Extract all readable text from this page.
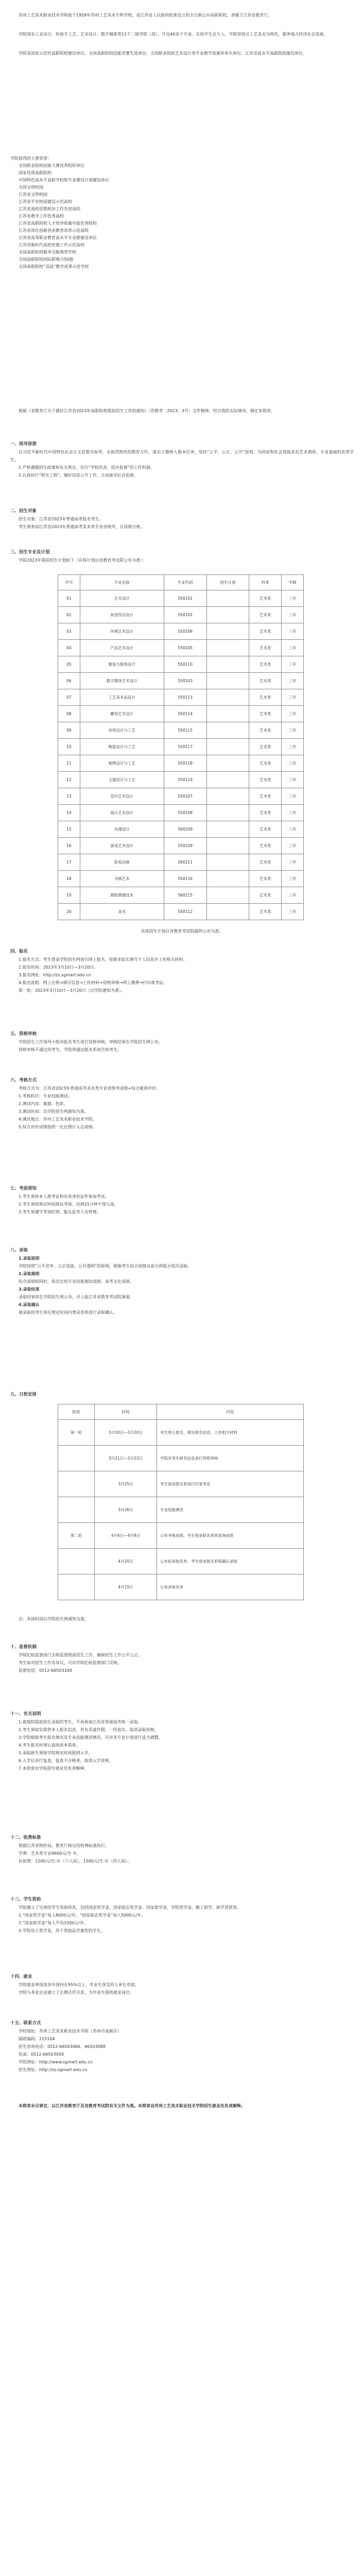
苏州工艺美术职业技术学院始于1958年苏州工艺美术专科学校，是江苏省人民政府批准设立的全日制公办高职院校，隶属于江苏省教育厅。

学院现有工业设计、传统手工艺、艺术设计、数字媒体等11个二级学院（部），开设40余个专业，在校学生近万人。学院坚持以工艺美术为特色，服务地方经济社会发展。

学院是国家示范性高职院校建设单位、全国高职院校技能竞赛先进单位、全国职业院校艺术设计类专业教学资源库牵头单位、江苏省高水平高职院校建设单位。

学院获得的主要荣誉：

全国职业院校技能大赛优秀组织单位

国家优质高职院校

中国特色高水平高职学校和专业建设计划建设单位

全国文明校园

江苏省文明校园

江苏省平安校园建设示范高校

江苏省高校思想政治工作先进高校

江苏省教学工作优秀高校

江苏省高职院校人才培养质量年报优秀院校

江苏省深化创新创业教育改革示范高校

江苏省高等职业教育高水平专业群建设单位

江苏省新时代高校党建工作示范高校

全国高职院校服务贡献典型学校

全国高职院校国际影响力50强

全国高职院校“双高”教学成果示范学校

根据《省教育厅关于做好江苏省2023年高职院校提前招生工作的通知》（苏教考〔2023〕3号）文件精神，结合我院实际情况，制定本简章。

一、指导思想

以习近平新时代中国特色社会主义思想为指导，全面贯彻党的教育方针，落实立德树人根本任务，坚持“公平、公正、公开”原则，为国家和社会选拔具有艺术潜质、专业基础的优秀学生。

1.严格遵循招生政策和有关规定，实行“学校负责、招办监督”的工作机制。

2.认真执行“阳光工程”，做好信息公开工作，主动接受社会监督。

二、招生对象

招生对象：江苏省2023年普通高考报名考生。

考生须参加江苏省2023年普通高考美术类专业省统考，且成绩合格。

三、招生专业及计划

学院2023年提前招生计划如下（具体计划以省教育考试院公布为准）：

序号	专业名称	专业代码	招生计划	科类	学制
01	艺术设计	550101		艺术类	三年
02	视觉传达设计	550102		艺术类	三年
03	环境艺术设计	550106		艺术类	三年
04	产品艺术设计	550105		艺术类	三年
05	服装与服饰设计	550110		艺术类	三年
06	数字媒体艺术设计	550103		艺术类	三年
07	工艺美术品设计	550113		艺术类	三年
08	雕刻艺术设计	550114		艺术类	三年
09	首饰设计与工艺	550115		艺术类	三年
10	陶瓷设计与工艺	550117		艺术类	三年
11	刺绣设计与工艺	550118		艺术类	三年
12	玉器设计与工艺	550119		艺术类	三年
13	室内艺术设计	550107		艺术类	三年
14	展示艺术设计	550108		艺术类	三年
15	动漫设计	560209		艺术类	三年
16	游戏艺术设计	550109		艺术类	三年
17	影视动画	560211		艺术类	三年
18	书画艺术	550116		艺术类	三年
19	摄影摄像技术	560215		艺术类	三年
20	美术	550112		艺术类	三年

具体招生计划以省教育考试院最终公布为准。

四、报名

1.报名方式：考生登录学院招生网进行网上报名，按要求如实填写个人信息并上传相关材料。

2.报名时间：2023年3月10日—3月20日。

3.报名网址：http://zs.sgmart.edu.cn

4.报名流程：网上注册→填写信息→上传材料→资格审核→网上缴费→打印准考证。

第一轮：2023年3月10日—3月20日（以学院通知为准）。

五、资格审核

学院招生工作领导小组对报名考生进行资格审核，审核结果在学院招生网公布。

资格审核不通过的考生，学院将通过报名系统告知考生。

六、考核方式

考核方式为：江苏省2023年普通高考美术类专业省统考成绩+综合素质评价。

1.考核科目：专业技能测试。

2.测试内容：素描、色彩。

3.测试时间：以学院招生网通知为准。

4.测试地点：苏州工艺美术职业技术学院。

5.综合评价成绩按照一定比例计入总成绩。

七、考前须知

1.考生须持本人准考证和有效身份证件参加考试。

2.考生须按规定时间到达考场，迟到15分钟不得入场。

3.考生须遵守考场纪律，服从监考人员管理。

八、录取

1.录取原则

学院按照“公平竞争、公正选拔、公开透明”的原则，根据考生综合成绩从高分到低分依次录取。

2.录取规则

综合成绩相同时，依次比较专业技能测试成绩、高考文化成绩。

3.录取结果

录取结果将在学院招生网公布，并上报江苏省教育考试院备案。

4.录取确认

被录取的考生须在规定时间内登录系统进行录取确认。

九、日程安排

阶段	时间	内容
第一轮	3月10日—3月20日	考生网上报名，填写报名信息，上传相关材料
	3月21日—3月23日	学院对考生报名信息进行资格审核
	3月25日	考生登录报名系统打印准考证
	3月26日	专业技能测试
第二轮	4月6日—4月8日	公布考核成绩，考生登录报名系统查询成绩
	4月10日	公布拟录取名单，考生登录报名系统确认录取
	4月15日	公布录取名单

注：具体时间以学院招生网通知为准。

十、监督机制

学院纪检监察部门全程监督提前招生工作，确保招生工作公平公正。

考生如对招生工作有异议，可向学院纪检监察部门反映。

监督电话：0512-66503100

十一、有关说明

1.被我院提前招生录取的考生，不再参加江苏省普通高考统一录取。

2.考生须如实提供本人报名信息，若有弄虚作假，一经查实，取消录取资格。

3.学院根据考生报名情况及专业技能测试情况，可对各专业计划进行适当调整。

4.考生报名时须认真阅读本简章。

5.录取新生须按学院规定时间报到入学。

6.入学后进行复查，复查不合格者，取消入学资格。

7.本简章由学院招生就业处负责解释。

十二、收费标准

根据江苏省物价局、教育厅核定的收费标准执行。

学费：艺术类专业9600元/生·年。

住宿费：1200元/生·年（六人间），1500元/生·年（四人间）。

十三、学生资助

学院建立了完善的学生资助体系，包括国家奖学金、国家励志奖学金、国家助学金、学院奖学金、勤工助学、助学贷款等。

1.“国家奖学金”每人8000元/年，“国家励志奖学金”每人5000元/年。

2.“国家助学金”每人平均3300元/年。

3.学院设立奖学金，用于奖励品学兼优的学生。

十四、就业

学院就业率连续多年保持在95%以上，毕业生深受用人单位欢迎。

学院与多家企业建立了长期合作关系，为毕业生提供就业岗位。

十五、联系方式

学校地址：苏州工艺美术职业技术学院（苏州市高新区）

邮政编码：215104

招生咨询电话：0512-66503066、66503088

传真：0512-66503058

学院网址：http://www.sgmart.edu.cn

招生网址：http://zs.sgmart.edu.cn

本简章未尽事宜，以江苏省教育厅及省教育考试院有关文件为准。本简章由苏州工艺美术职业技术学院招生就业处负责解释。
